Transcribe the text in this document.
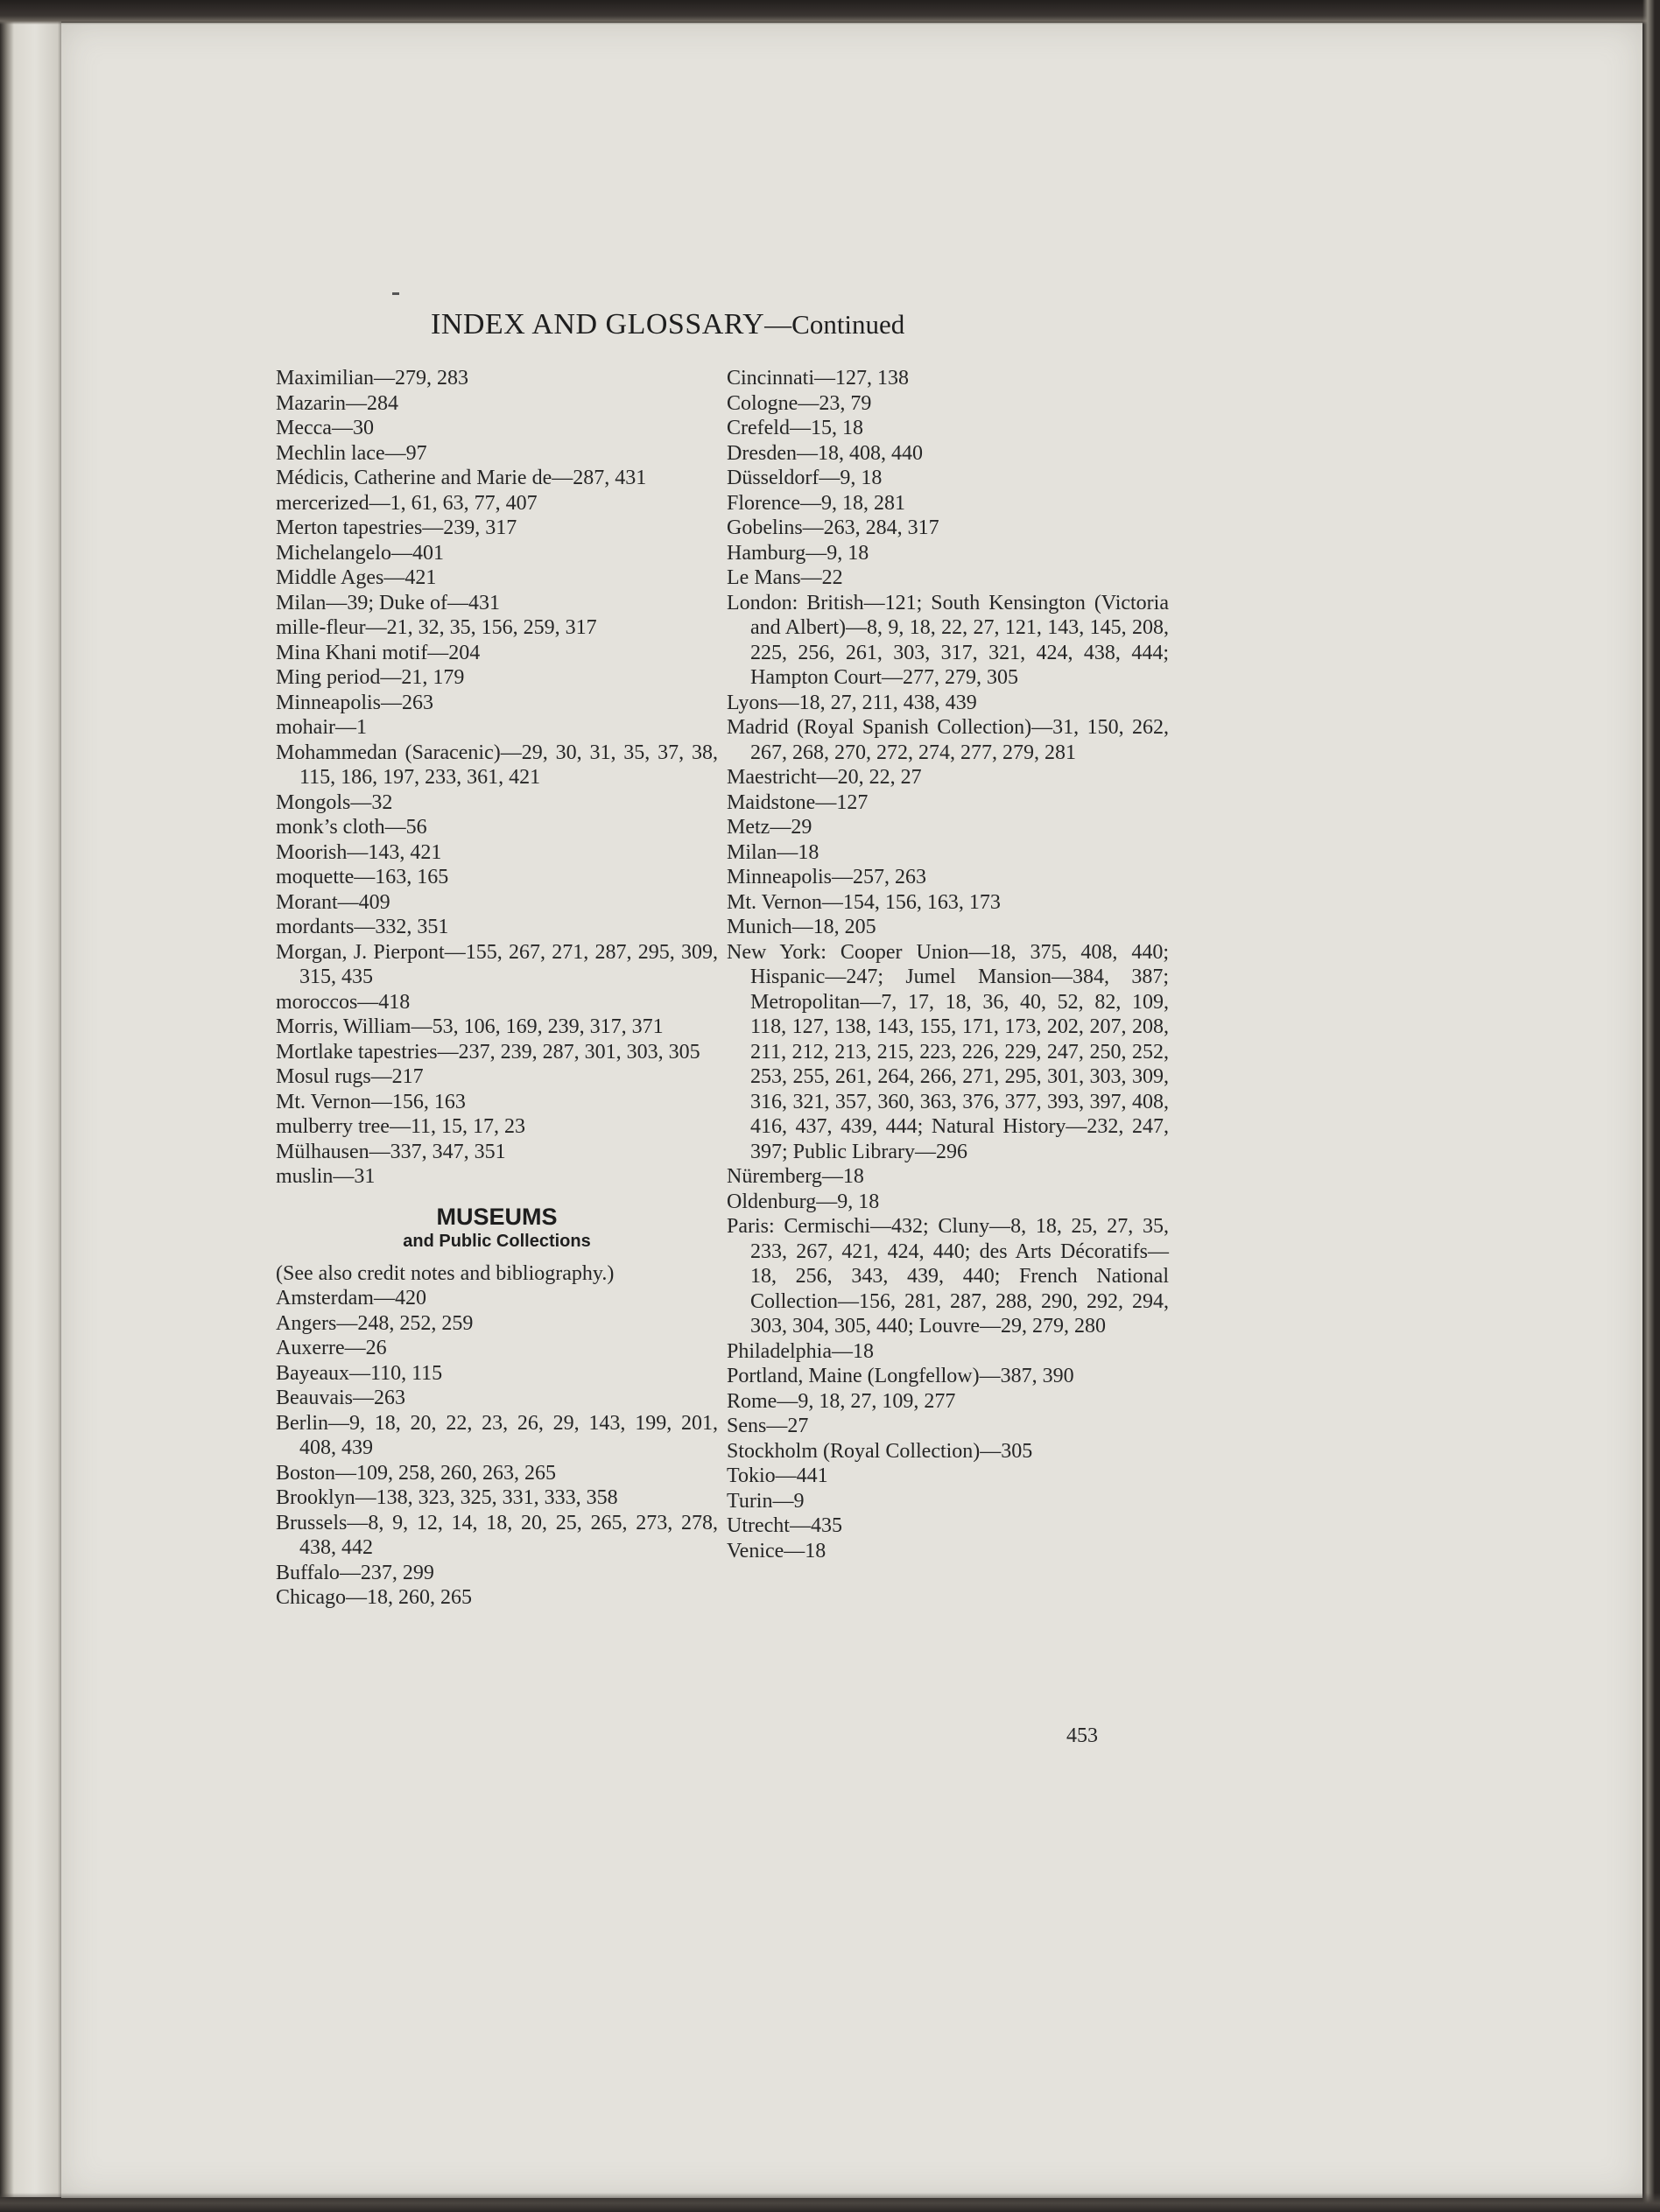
INDEX AND GLOSSARY—Continued
Maximilian—279, 283
Mazarin—284
Mecca—30
Mechlin lace—97
Médicis, Catherine and Marie de—287, 431
mercerized—1, 61, 63, 77, 407
Merton tapestries—239, 317
Michelangelo—401
Middle Ages—421
Milan—39; Duke of—431
mille-fleur—21, 32, 35, 156, 259, 317
Mina Khani motif—204
Ming period—21, 179
Minneapolis—263
mohair—1
Mohammedan (Saracenic)—29, 30, 31, 35, 37, 38, 115, 186, 197, 233, 361, 421
Mongols—32
monk’s cloth—56
Moorish—143, 421
moquette—163, 165
Morant—409
mordants—332, 351
Morgan, J. Pierpont—155, 267, 271, 287, 295, 309, 315, 435
moroccos—418
Morris, William—53, 106, 169, 239, 317, 371
Mortlake tapestries—237, 239, 287, 301, 303, 305
Mosul rugs—217
Mt. Vernon—156, 163
mulberry tree—11, 15, 17, 23
Mülhausen—337, 347, 351
muslin—31
MUSEUMS
and Public Collections
(See also credit notes and bibliography.)
Amsterdam—420
Angers—248, 252, 259
Auxerre—26
Bayeaux—110, 115
Beauvais—263
Berlin—9, 18, 20, 22, 23, 26, 29, 143, 199, 201, 408, 439
Boston—109, 258, 260, 263, 265
Brooklyn—138, 323, 325, 331, 333, 358
Brussels—8, 9, 12, 14, 18, 20, 25, 265, 273, 278, 438, 442
Buffalo—237, 299
Chicago—18, 260, 265
Cincinnati—127, 138
Cologne—23, 79
Crefeld—15, 18
Dresden—18, 408, 440
Düsseldorf—9, 18
Florence—9, 18, 281
Gobelins—263, 284, 317
Hamburg—9, 18
Le Mans—22
London: British—121; South Kensington (Victoria and Albert)—8, 9, 18, 22, 27, 121, 143, 145, 208, 225, 256, 261, 303, 317, 321, 424, 438, 444; Hampton Court—277, 279, 305
Lyons—18, 27, 211, 438, 439
Madrid (Royal Spanish Collection)—31, 150, 262, 267, 268, 270, 272, 274, 277, 279, 281
Maestricht—20, 22, 27
Maidstone—127
Metz—29
Milan—18
Minneapolis—257, 263
Mt. Vernon—154, 156, 163, 173
Munich—18, 205
New York: Cooper Union—18, 375, 408, 440; Hispanic—247; Jumel Mansion—384, 387; Metropolitan—7, 17, 18, 36, 40, 52, 82, 109, 118, 127, 138, 143, 155, 171, 173, 202, 207, 208, 211, 212, 213, 215, 223, 226, 229, 247, 250, 252, 253, 255, 261, 264, 266, 271, 295, 301, 303, 309, 316, 321, 357, 360, 363, 376, 377, 393, 397, 408, 416, 437, 439, 444; Natural History—232, 247, 397; Public Library—296
Nüremberg—18
Oldenburg—9, 18
Paris: Cermischi—432; Cluny—8, 18, 25, 27, 35, 233, 267, 421, 424, 440; des Arts Décoratifs—18, 256, 343, 439, 440; French National Collection—156, 281, 287, 288, 290, 292, 294, 303, 304, 305, 440; Louvre—29, 279, 280
Philadelphia—18
Portland, Maine (Longfellow)—387, 390
Rome—9, 18, 27, 109, 277
Sens—27
Stockholm (Royal Collection)—305
Tokio—441
Turin—9
Utrecht—435
Venice—18
453
